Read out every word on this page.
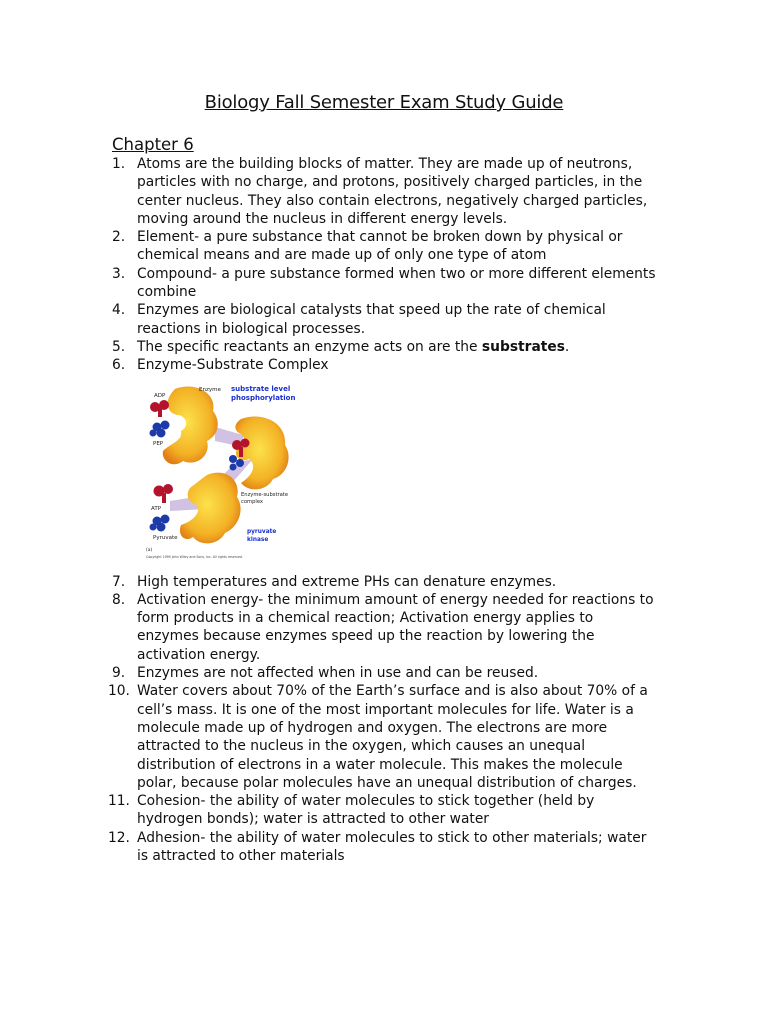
Biology Fall Semester Exam Study Guide
Chapter 6
1. Atoms are the building blocks of matter. They are made up of neutrons, particles with no charge, and protons, positively charged particles, in the center nucleus. They also contain electrons, negatively charged particles, moving around the nucleus in different energy levels.
2. Element- a pure substance that cannot be broken down by physical or chemical means and are made up of only one type of atom
3. Compound- a pure substance formed when two or more different elements combine
4. Enzymes are biological catalysts that speed up the rate of chemical reactions in biological processes.
5. The specific reactants an enzyme acts on are the substrates.
6. Enzyme-Substrate Complex
Enzyme substrate level
phosphorylation
ADP
PEP
Enzyme-substrate
complex
ATP
Pyruvate
pyruvate
kinase
(a)
Copyright 1999 John Wiley and Sons, Inc. All rights reserved.
7. High temperatures and extreme PHs can denature enzymes.
8. Activation energy- the minimum amount of energy needed for reactions to form products in a chemical reaction; Activation energy applies to enzymes because enzymes speed up the reaction by lowering the activation energy.
9. Enzymes are not affected when in use and can be reused.
10. Water covers about 70% of the Earth’s surface and is also about 70% of a cell’s mass. It is one of the most important molecules for life. Water is a molecule made up of hydrogen and oxygen. The electrons are more attracted to the nucleus in the oxygen, which causes an unequal distribution of electrons in a water molecule. This makes the molecule polar, because polar molecules have an unequal distribution of charges.
11. Cohesion- the ability of water molecules to stick together (held by hydrogen bonds); water is attracted to other water
12. Adhesion- the ability of water molecules to stick to other materials; water is attracted to other materials
